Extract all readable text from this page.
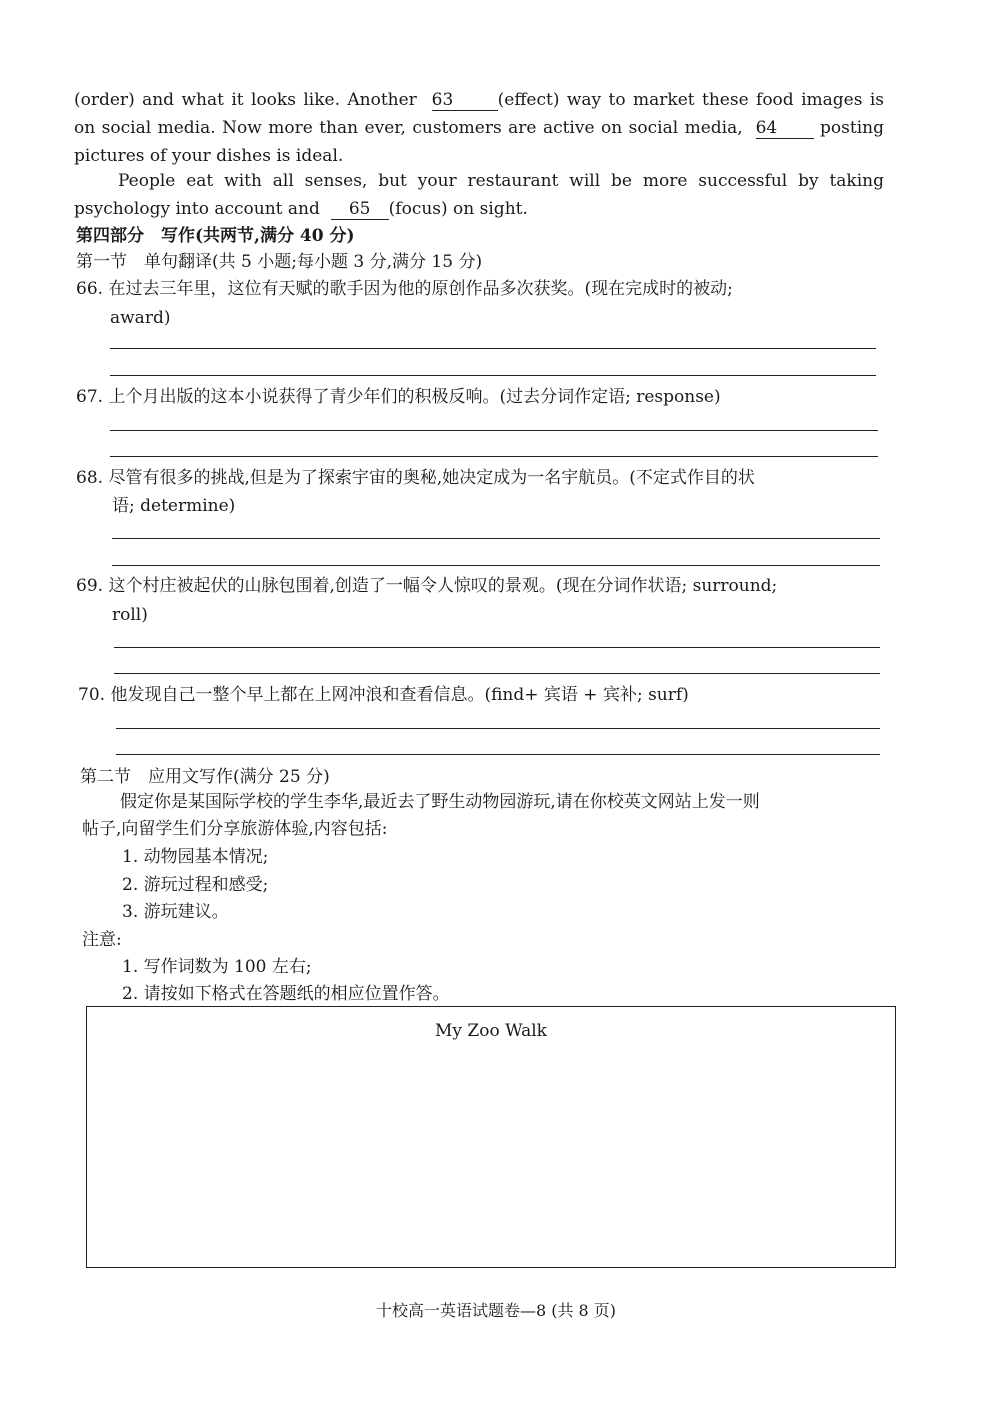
(order) and what it looks like. Another 63	(effect) way to market these food images is
on social media. Now more than ever, customers are active on social media, 64	posting
pictures of your dishes is ideal.
People eat with all senses, but your restaurant will be more successful by taking
psychology into account and 65 (focus) on sight.
第四部分　写作(共两节,满分 40 分)
第一节　单句翻译(共 5 小题;每小题 3 分,满分 15 分)
66. 在过去三年里，这位有天赋的歌手因为他的原创作品多次获奖。(现在完成时的被动;
award)
67. 上个月出版的这本小说获得了青少年们的积极反响。(过去分词作定语; response)
68. 尽管有很多的挑战,但是为了探索宇宙的奥秘,她决定成为一名宇航员。(不定式作目的状
语; determine)
69. 这个村庄被起伏的山脉包围着,创造了一幅令人惊叹的景观。(现在分词作状语; surround;
roll)
70. 他发现自己一整个早上都在上网冲浪和查看信息。(find+ 宾语 + 宾补; surf)
第二节　应用文写作(满分 25 分)
假定你是某国际学校的学生李华,最近去了野生动物园游玩,请在你校英文网站上发一则
帖子,向留学生们分享旅游体验,内容包括:
1. 动物园基本情况;
2. 游玩过程和感受;
3. 游玩建议。
注意:
1. 写作词数为 100 左右;
2. 请按如下格式在答题纸的相应位置作答。
My Zoo Walk
十校高一英语试题卷—8 (共 8 页)
